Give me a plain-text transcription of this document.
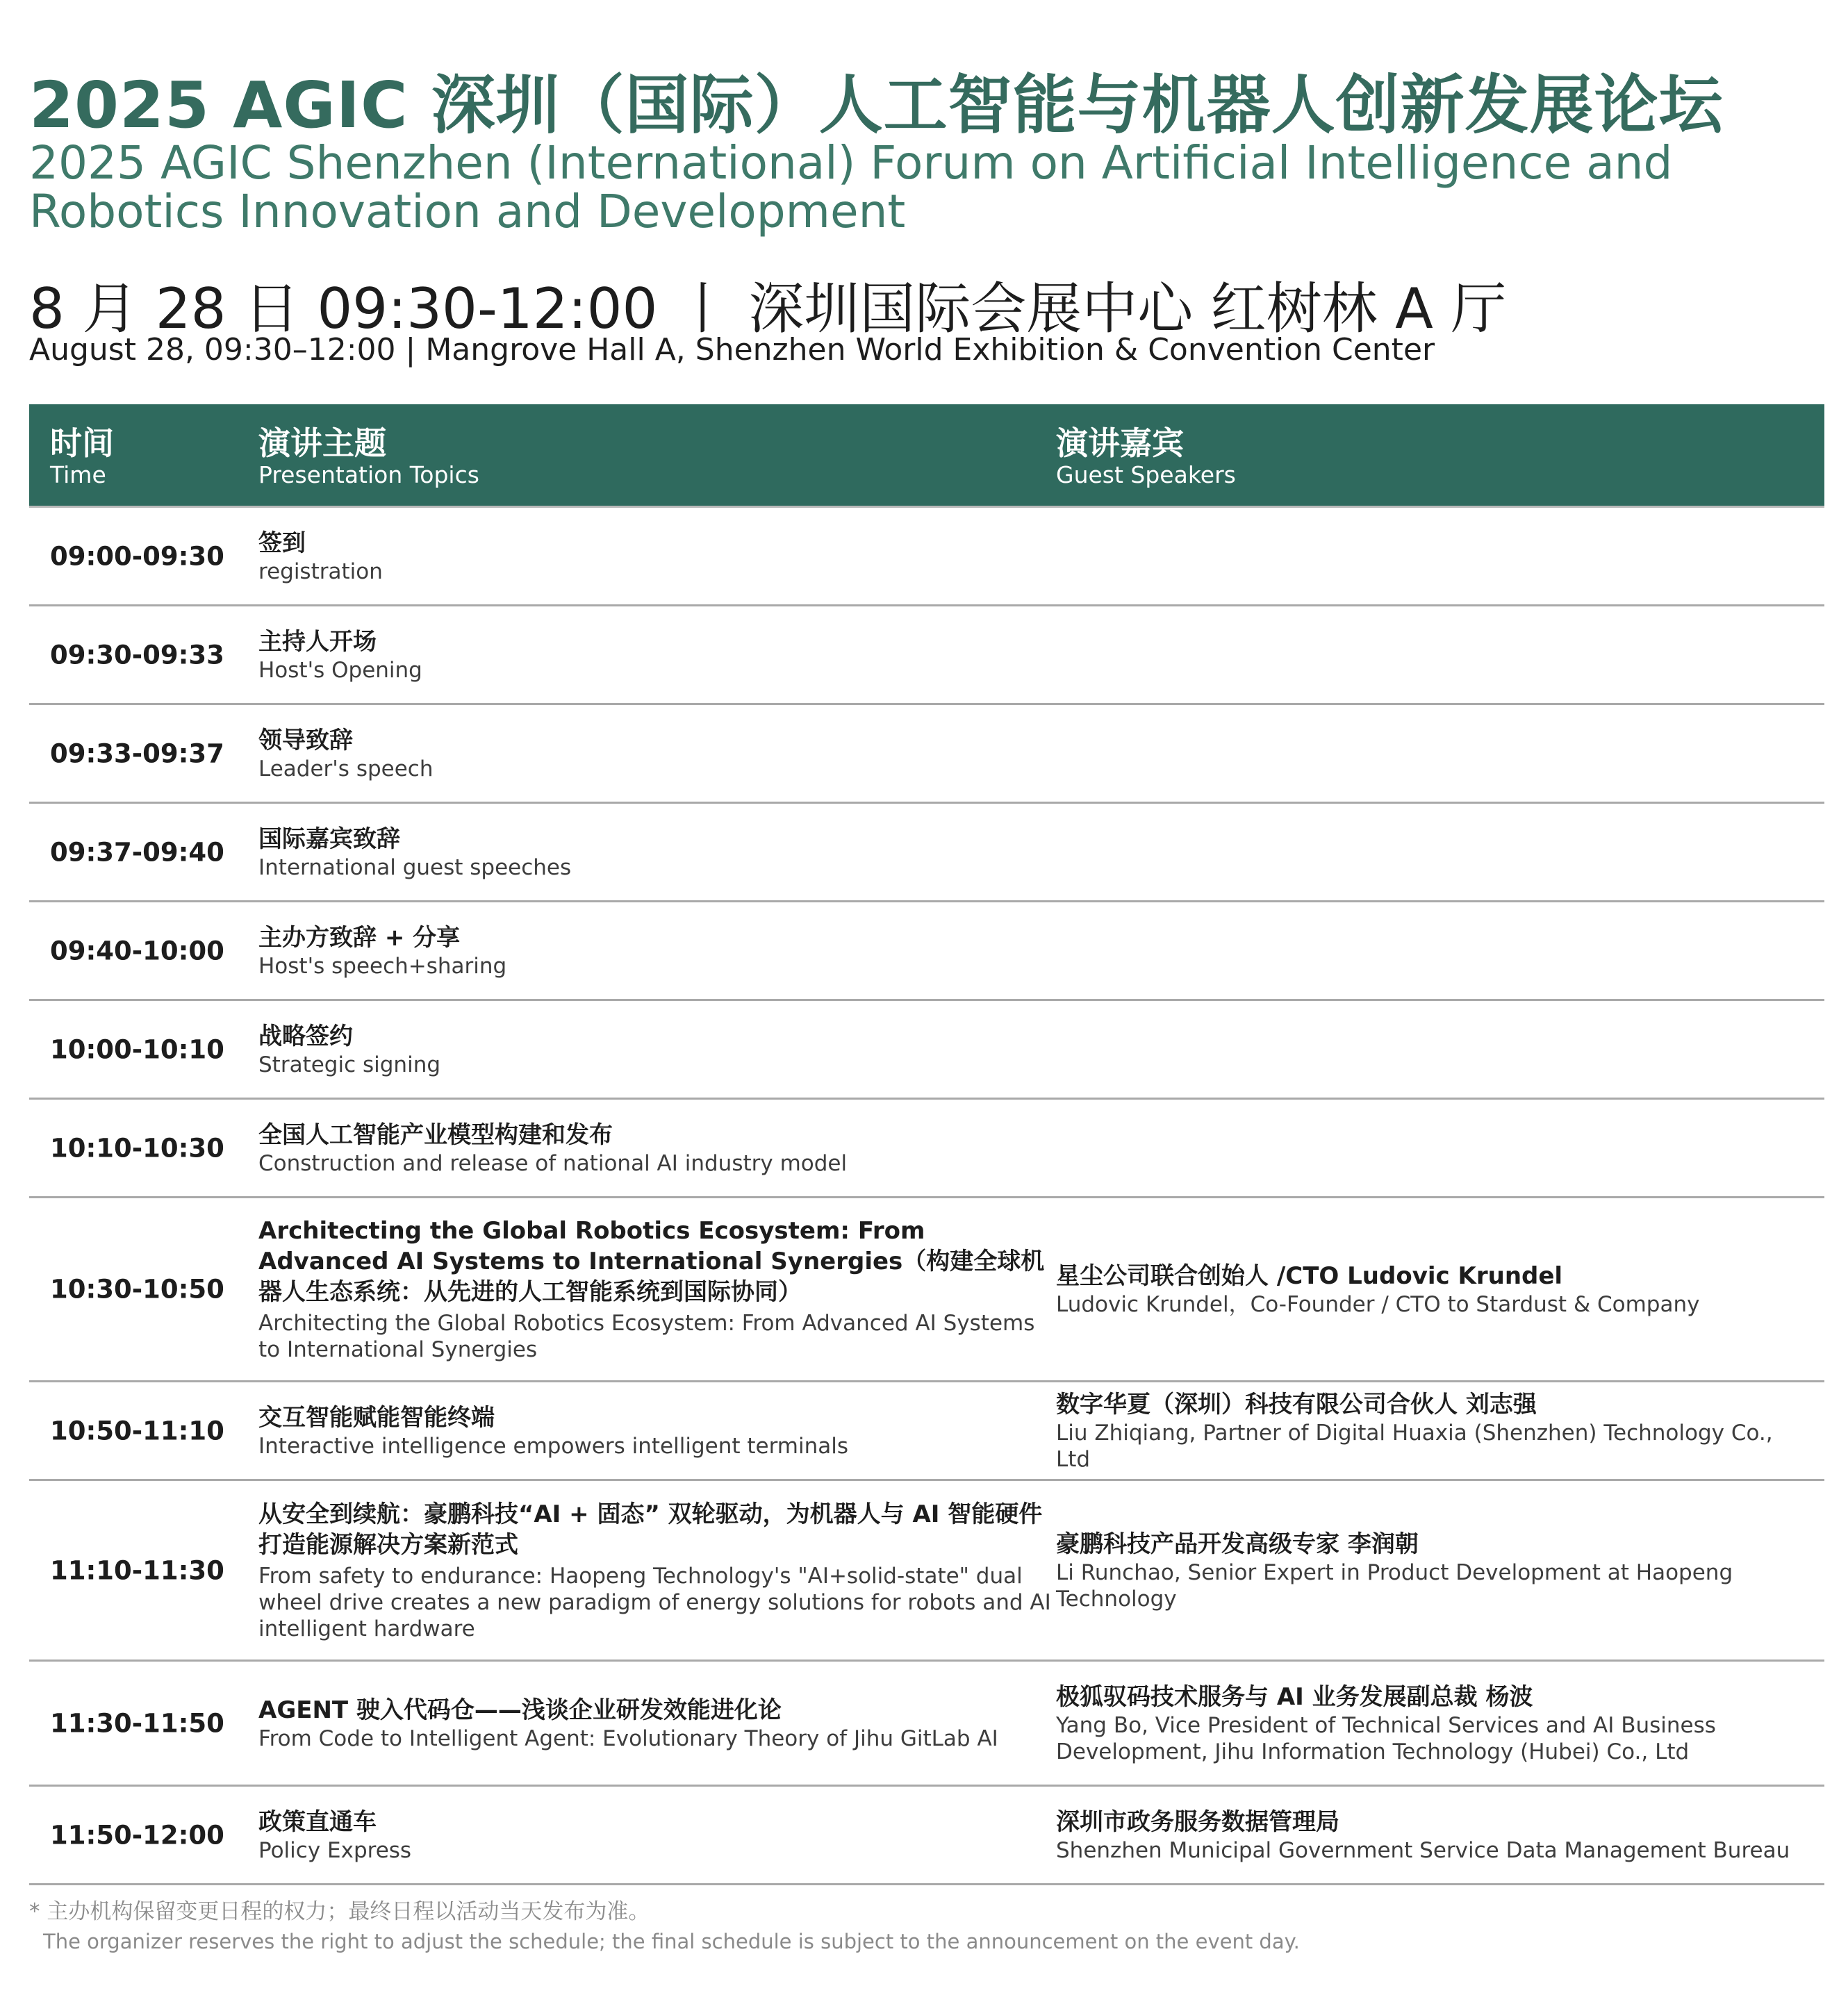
2025 AGIC 深圳（国际）人工智能与机器人创新发展论坛
2025 AGIC Shenzhen (International) Forum on Artificial Intelligence and Robotics Innovation and Development
8 月 28 日 09:30-12:00 丨 深圳国际会展中心 红树林 A 厅
August 28, 09:30–12:00 | Mangrove Hall A, Shenzhen World Exhibition & Convention Center
时间
Time
演讲主题
Presentation Topics
演讲嘉宾
Guest Speakers
09:00-09:30 签到
registration
09:30-09:33 主持人开场
Host's Opening
09:33-09:37 领导致辞
Leader's speech
09:37-09:40 国际嘉宾致辞
International guest speeches
09:40-10:00 主办方致辞 + 分享
Host's speech+sharing
10:00-10:10 战略签约
Strategic signing
10:10-10:30 全国人工智能产业模型构建和发布
Construction and release of national AI industry model
10:30-10:50
Architecting the Global Robotics Ecosystem: From Advanced AI Systems to International Synergies（构建全球机器人生态系统：从先进的人工智能系统到国际协同）
Architecting the Global Robotics Ecosystem: From Advanced AI Systems to International Synergies
星尘公司联合创始人 /CTO Ludovic Krundel
Ludovic Krundel，Co-Founder / CTO to Stardust & Company
10:50-11:10 交互智能赋能智能终端
Interactive intelligence empowers intelligent terminals
数字华夏（深圳）科技有限公司合伙人 刘志强
Liu Zhiqiang, Partner of Digital Huaxia (Shenzhen) Technology Co., Ltd
11:10-11:30
从安全到续航：豪鹏科技“AI + 固态” 双轮驱动，为机器人与 AI 智能硬件打造能源解决方案新范式
From safety to endurance: Haopeng Technology's "AI+solid-state" dual wheel drive creates a new paradigm of energy solutions for robots and AI intelligent hardware
豪鹏科技产品开发高级专家 李润朝
Li Runchao, Senior Expert in Product Development at Haopeng Technology
11:30-11:50 AGENT 驶入代码仓——浅谈企业研发效能进化论
From Code to Intelligent Agent: Evolutionary Theory of Jihu GitLab AI
极狐驭码技术服务与 AI 业务发展副总裁 杨波
Yang Bo, Vice President of Technical Services and AI Business Development, Jihu Information Technology (Hubei) Co., Ltd
11:50-12:00 政策直通车
Policy Express
深圳市政务服务数据管理局
Shenzhen Municipal Government Service Data Management Bureau
* 主办机构保留变更日程的权力；最终日程以活动当天发布为准。
The organizer reserves the right to adjust the schedule; the final schedule is subject to the announcement on the event day.
